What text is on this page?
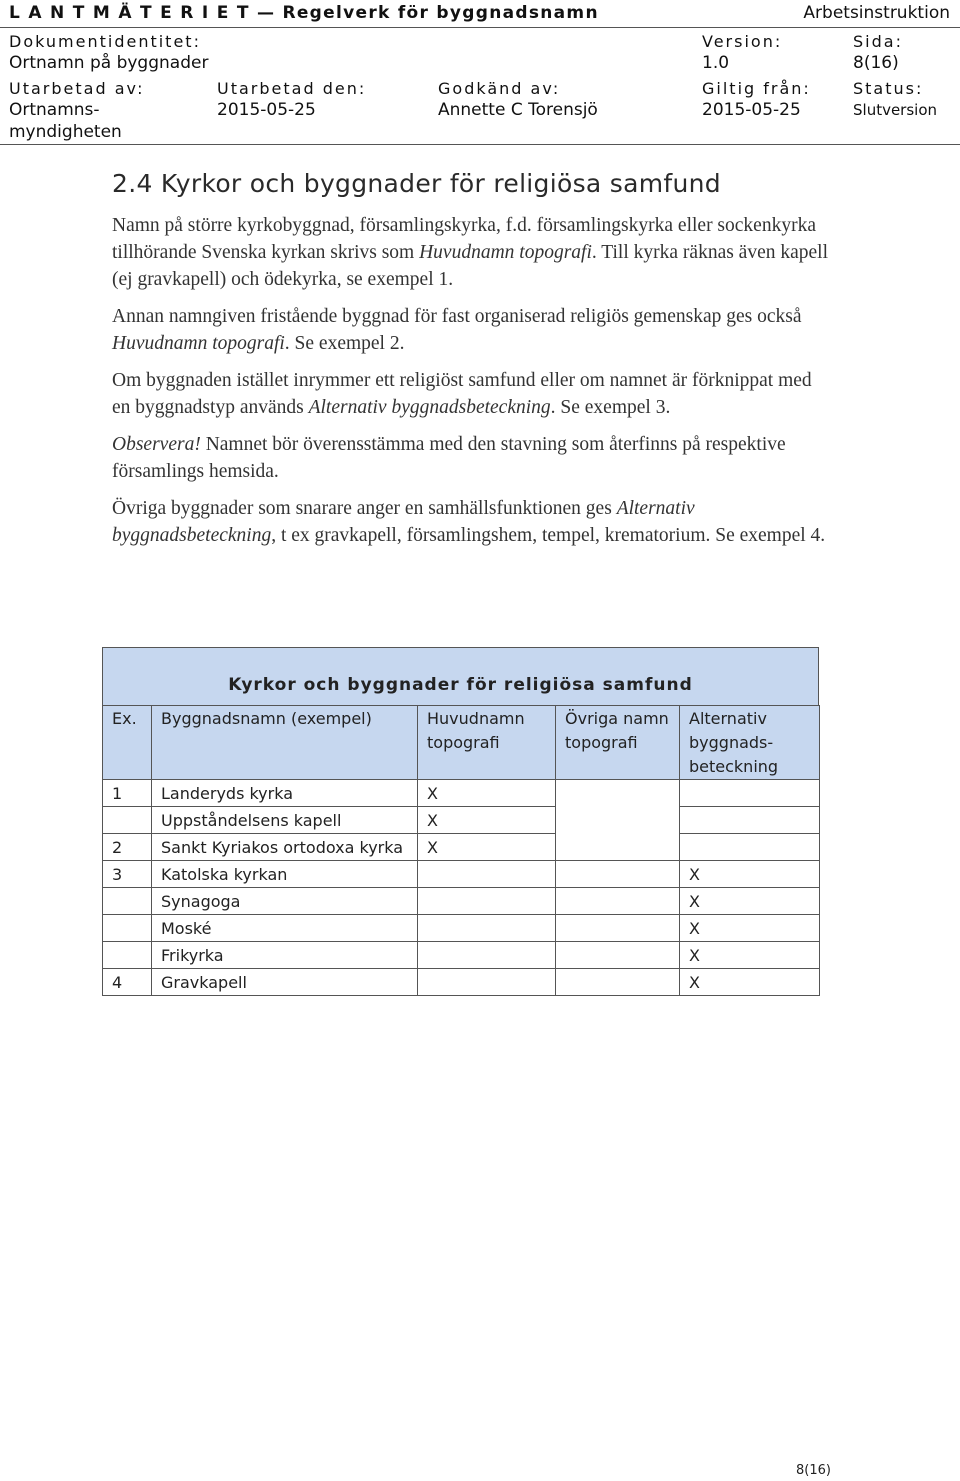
L A N T M Ä T E R I E T — Regelverk för byggnadsnamn	Arbetsinstruktion
Dokumentidentitet:
Ortnamn på byggnader
Version:
1.0
Sida:
8(16)
Utarbetad av:
Ortnamns-
myndigheten
Utarbetad den:
2015-05-25
Godkänd av:
Annette C Torensjö
Giltig från:
2015-05-25
Status:
Slutversion
2.4 Kyrkor och byggnader för religiösa samfund

Namn på större kyrkobyggnad, församlingskyrka, f.d. församlingskyrka eller sockenkyrka tillhörande Svenska kyrkan skrivs som Huvudnamn topografi. Till kyrka räknas även kapell (ej gravkapell) och ödekyrka, se exempel 1.

Annan namngiven fristående byggnad för fast organiserad religiös gemenskap ges också Huvudnamn topografi. Se exempel 2.

Om byggnaden istället inrymmer ett religiöst samfund eller om namnet är förknippat med en byggnadstyp används Alternativ byggnadsbeteckning. Se exempel 3.

Observera! Namnet bör överensstämma med den stavning som återfinns på respektive församlings hemsida.

Övriga byggnader som snarare anger en samhällsfunktionen ges Alternativ byggnadsbeteckning, t ex gravkapell, församlingshem, tempel, krematorium. Se exempel 4.

Kyrkor och byggnader för religiösa samfund
Ex.	Byggnadsnamn (exempel)	Huvudnamn topografi	Övriga namn topografi	Alternativ byggnads-beteckning
1	Landeryds kyrka	X		
	Uppståndelsens kapell	X		
2	Sankt Kyriakos ortodoxa kyrka	X		
3	Katolska kyrkan			X
	Synagoga			X
	Moské			X
	Frikyrka			X
4	Gravkapell			X
8(16)
